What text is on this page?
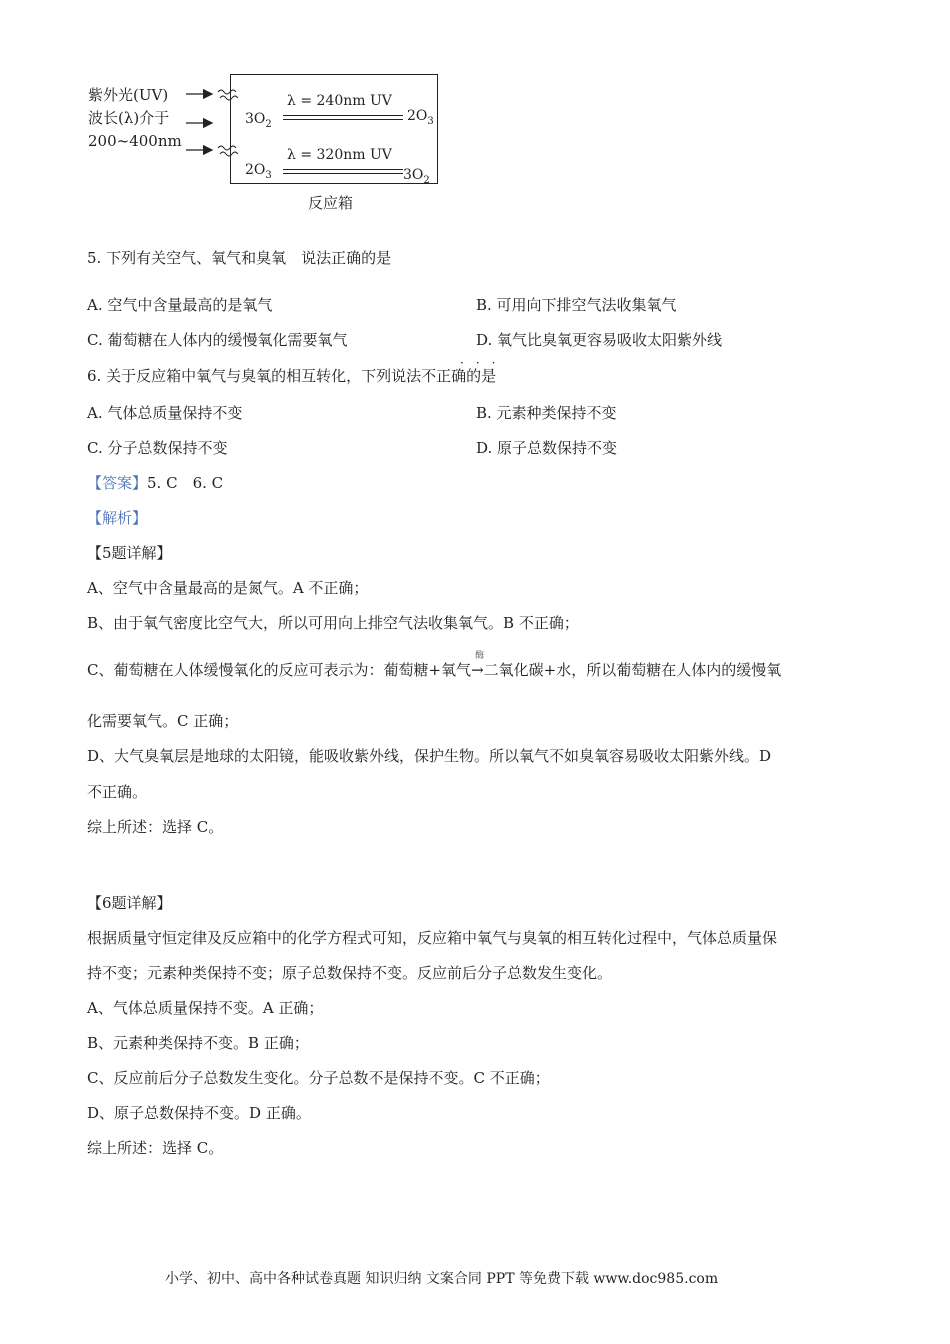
紫外光(UV)
波长(λ)介于
200~400nm
λ = 240nm UV
$3O_2$
$2O_3$
λ = 320nm UV
$2O_3$	$3O_2$
反应箱
5. 下列有关空气、氧气和臭氧　说法正确的是
A. 空气中含量最高的是氧气	B. 可用向下排空气法收集氧气
C. 葡萄糖在人体内的缓慢氧化需要氧气	D. 氧气比臭氧更容易吸收太阳紫外线
·　·　·
6. 关于反应箱中氧气与臭氧的相互转化，下列说法不正确的是
A. 气体总质量保持不变	B. 元素种类保持不变
C. 分子总数保持不变	D. 原子总数保持不变
【答案】5. C　6. C
【解析】
【5题详解】
A、空气中含量最高的是氮气。A 不正确；
B、由于氧气密度比空气大，所以可用向上排空气法收集氧气。B 不正确；
C、葡萄糖在人体缓慢氧化的反应可表示为：葡萄糖+氧气
酶
→二氧化碳+水，所以葡萄糖在人体内的缓慢氧
化需要氧气。C 正确；
D、大气臭氧层是地球的太阳镜，能吸收紫外线，保护生物。所以氧气不如臭氧容易吸收太阳紫外线。D
不正确。
综上所述：选择 C。
【6题详解】
根据质量守恒定律及反应箱中的化学方程式可知，反应箱中氧气与臭氧的相互转化过程中，气体总质量保
持不变；元素种类保持不变；原子总数保持不变。反应前后分子总数发生变化。
A、气体总质量保持不变。A 正确；
B、元素种类保持不变。B 正确；
C、反应前后分子总数发生变化。分子总数不是保持不变。C 不正确；
D、原子总数保持不变。D 正确。
综上所述：选择 C。
小学、初中、高中各种试卷真题 知识归纳 文案合同 PPT 等免费下载 www.doc985.com
